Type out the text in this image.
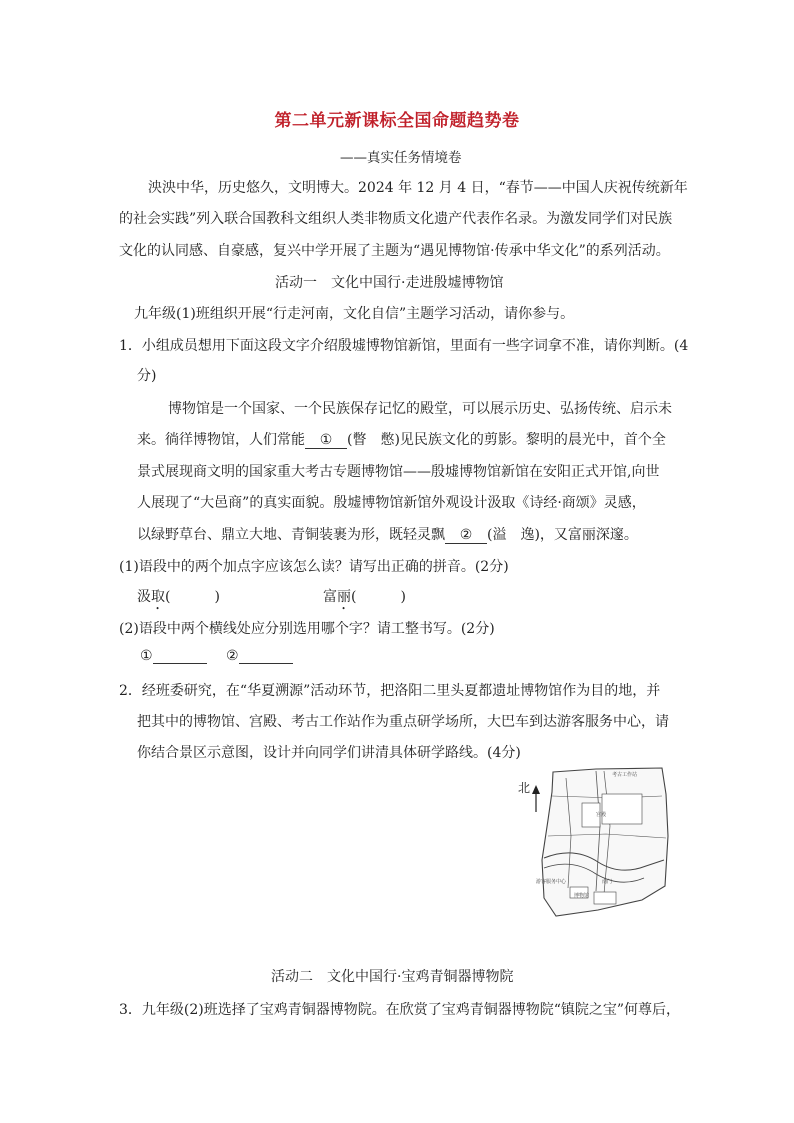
第二单元新课标全国命题趋势卷
——真实任务情境卷
泱泱中华，历史悠久，文明博大。2024 年 12 月 4 日，“春节——中国人庆祝传统新年
的社会实践”列入联合国教科文组织人类非物质文化遗产代表作名录。为激发同学们对民族
文化的认同感、自豪感，复兴中学开展了主题为“遇见博物馆·传承中华文化”的系列活动。
活动一　文化中国行·走进殷墟博物馆
九年级(1)班组织开展“行走河南，文化自信”主题学习活动，请你参与。
1．小组成员想用下面这段文字介绍殷墟博物馆新馆，里面有一些字词拿不准，请你判断。(4
分)
博物馆是一个国家、一个民族保存记忆的殿堂，可以展示历史、弘扬传统、启示未
来。徜徉博物馆，人们常能 ① (瞥　憋)见民族文化的剪影。黎明的晨光中，首个全
景式展现商文明的国家重大考古专题博物馆——殷墟博物馆新馆在安阳正式开馆,向世
人展现了“大邑商”的真实面貌。殷墟博物馆新馆外观设计汲取《诗经·商颂》灵感，
以绿野草台、鼎立大地、青铜装裹为形，既轻灵飘 ② (溢　逸)，又富丽深邃。
(1)语段中的两个加点字应该怎么读？请写出正确的拼音。(2分)
汲取(	)	富丽(	)
(2)语段中两个横线处应分别选用哪个字？请工整书写。(2分)
①	②
2．经班委研究，在“华夏溯源”活动环节，把洛阳二里头夏都遗址博物馆作为目的地，并
把其中的博物馆、宫殿、考古工作站作为重点研学场所，大巴车到达游客服务中心，请
你结合景区示意图，设计并向同学们讲清具体研学路线。(4分)
北
考古工作站
宫殿
游客服务中心	南门
博物馆
活动二　文化中国行·宝鸡青铜器博物院
3．九年级(2)班选择了宝鸡青铜器博物院。在欣赏了宝鸡青铜器博物院“镇院之宝”何尊后，
